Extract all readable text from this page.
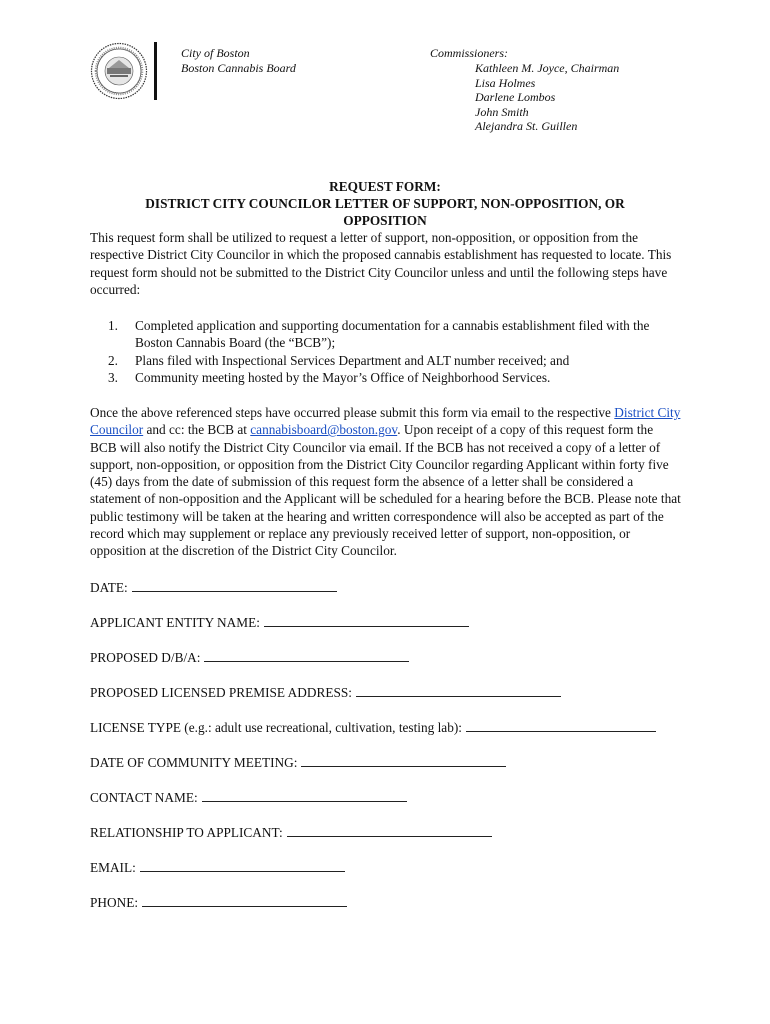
City of Boston
Boston Cannabis Board
Commissioners:
Kathleen M. Joyce, Chairman
Lisa Holmes
Darlene Lombos
John Smith
Alejandra St. Guillen
REQUEST FORM:
DISTRICT CITY COUNCILOR LETTER OF SUPPORT, NON-OPPOSITION, OR
OPPOSITION
This request form shall be utilized to request a letter of support, non-opposition, or opposition from the respective District City Councilor in which the proposed cannabis establishment has requested to locate. This request form should not be submitted to the District City Councilor unless and until the following steps have occurred:
1. Completed application and supporting documentation for a cannabis establishment filed with the Boston Cannabis Board (the “BCB”);
2. Plans filed with Inspectional Services Department and ALT number received; and
3. Community meeting hosted by the Mayor’s Office of Neighborhood Services.
Once the above referenced steps have occurred please submit this form via email to the respective District City Councilor and cc: the BCB at cannabisboard@boston.gov. Upon receipt of a copy of this request form the BCB will also notify the District City Councilor via email. If the BCB has not received a copy of a letter of support, non-opposition, or opposition from the District City Councilor regarding Applicant within forty five (45) days from the date of submission of this request form the absence of a letter shall be considered a statement of non-opposition and the Applicant will be scheduled for a hearing before the BCB. Please note that public testimony will be taken at the hearing and written correspondence will also be accepted as part of the record which may supplement or replace any previously received letter of support, non-opposition, or opposition at the discretion of the District City Councilor.
DATE:
APPLICANT ENTITY NAME:
PROPOSED D/B/A:
PROPOSED LICENSED PREMISE ADDRESS:
LICENSE TYPE (e.g.: adult use recreational, cultivation, testing lab):
DATE OF COMMUNITY MEETING:
CONTACT NAME:
RELATIONSHIP TO APPLICANT:
EMAIL:
PHONE:
